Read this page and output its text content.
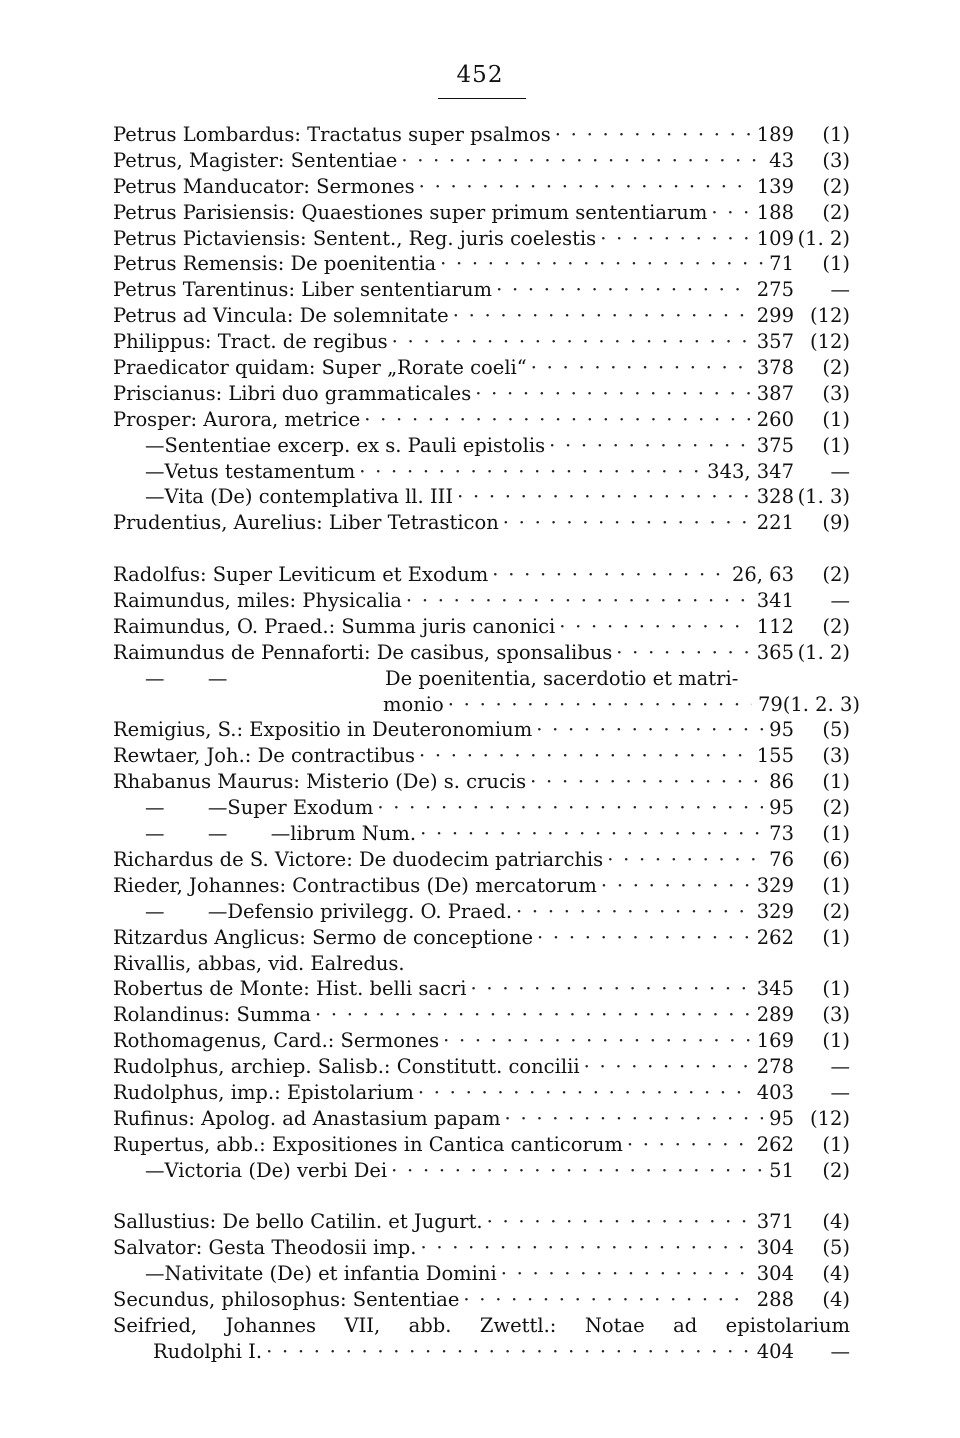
452
Petrus Lombardus: Tractatus super psalmos · · ·	189	(1)
Petrus, Magister: Sententiae · · ·	43	(3)
Petrus Manducator: Sermones · · ·	139	(2)
Petrus Parisiensis: Quaestiones super primum sententiarum · · ·	188	(2)
Petrus Pictaviensis: Sentent., Reg. juris coelestis · · ·	109 (1. 2)
Petrus Remensis: De poenitentia · · ·	71	(1)
Petrus Tarentinus: Liber sententiarum · · ·	275	—
Petrus ad Vincula: De solemnitate · · ·	299 (12)
Philippus: Tract. de regibus · · ·	357 (12)
Praedicator quidam: Super „Rorate coeli“ · · ·	378	(2)
Priscianus: Libri duo grammaticales · · ·	387	(3)
Prosper: Aurora, metrice · · ·	260	(1)
— Sententiae excerp. ex s. Pauli epistolis · · ·	375	(1)
— Vetus testamentum · · ·	343, 347	—
— Vita (De) contemplativa ll. III · · ·	328 (1. 3)
Prudentius, Aurelius: Liber Tetrasticon · · ·	221	(9)
Radolfus: Super Leviticum et Exodum · · ·	26, 63	(2)
Raimundus, miles: Physicalia · · ·	341	—
Raimundus, O. Praed.: Summa juris canonici · · ·	112	(2)
Raimundus de Pennaforti: De casibus, sponsalibus · · ·	365 (1. 2)
—       —	De poenitentia, sacerdotio et matri-
monio · · ·	79 (1. 2. 3)
Remigius, S.: Expositio in Deuteronomium · · ·	95	(5)
Rewtaer, Joh.: De contractibus · · ·	155	(3)
Rhabanus Maurus: Misterio (De) s. crucis · · ·	86	(1)
—       — Super Exodum · · ·	95	(2)
—       —       — librum Num. · · ·	73	(1)
Richardus de S. Victore: De duodecim patriarchis · · ·	76	(6)
Rieder, Johannes: Contractibus (De) mercatorum · · ·	329	(1)
—       — Defensio privilegg. O. Praed. · · ·	329	(2)
Ritzardus Anglicus: Sermo de conceptione · · ·	262	(1)
Rivallis, abbas, vid. Ealredus.
Robertus de Monte: Hist. belli sacri · · ·	345	(1)
Rolandinus: Summa · · ·	289	(3)
Rothomagenus, Card.: Sermones · · ·	169	(1)
Rudolphus, archiep. Salisb.: Constitutt. concilii · · ·	278	—
Rudolphus, imp.: Epistolarium · · ·	403	—
Rufinus: Apolog. ad Anastasium papam · · ·	95 (12)
Rupertus, abb.: Expositiones in Cantica canticorum · · ·	262	(1)
— Victoria (De) verbi Dei · · ·	51	(2)
Sallustius: De bello Catilin. et Jugurt. · · ·	371	(4)
Salvator: Gesta Theodosii imp. · · ·	304	(5)
— Nativitate (De) et infantia Domini · · ·	304	(4)
Secundus, philosophus: Sententiae · · ·	288	(4)
Seifried, Johannes VII, abb. Zwettl.: Notae ad epistolarium
Rudolphi I. · · ·	404	—
